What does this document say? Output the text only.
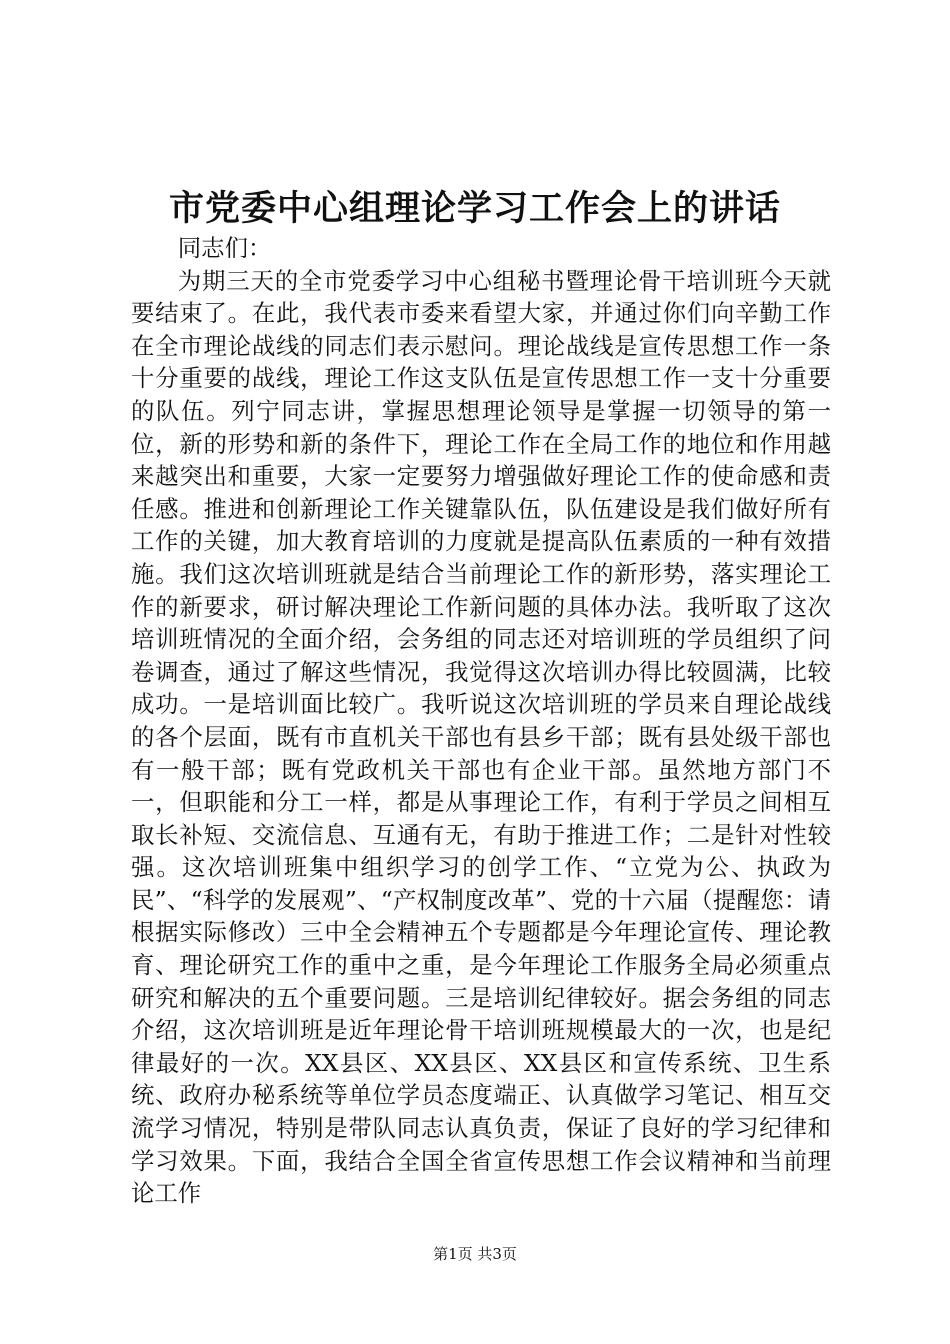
市党委中心组理论学习工作会上的讲话

同志们：

为期三天的全市党委学习中心组秘书暨理论骨干培训班今天就要结束了。在此，我代表市委来看望大家，并通过你们向辛勤工作在全市理论战线的同志们表示慰问。理论战线是宣传思想工作一条十分重要的战线，理论工作这支队伍是宣传思想工作一支十分重要的队伍。列宁同志讲，掌握思想理论领导是掌握一切领导的第一位，新的形势和新的条件下，理论工作在全局工作的地位和作用越来越突出和重要，大家一定要努力增强做好理论工作的使命感和责任感。推进和创新理论工作关键靠队伍，队伍建设是我们做好所有工作的关键，加大教育培训的力度就是提高队伍素质的一种有效措施。我们这次培训班就是结合当前理论工作的新形势，落实理论工作的新要求，研讨解决理论工作新问题的具体办法。我听取了这次培训班情况的全面介绍，会务组的同志还对培训班的学员组织了问卷调查，通过了解这些情况，我觉得这次培训办得比较圆满，比较成功。一是培训面比较广。我听说这次培训班的学员来自理论战线的各个层面，既有市直机关干部也有县乡干部；既有县处级干部也有一般干部；既有党政机关干部也有企业干部。虽然地方部门不一，但职能和分工一样，都是从事理论工作，有利于学员之间相互取长补短、交流信息、互通有无，有助于推进工作；二是针对性较强。这次培训班集中组织学习的创学工作、“立党为公、执政为民”、“科学的发展观”、“产权制度改革”、党的十六届（提醒您：请根据实际修改）三中全会精神五个专题都是今年理论宣传、理论教育、理论研究工作的重中之重，是今年理论工作服务全局必须重点研究和解决的五个重要问题。三是培训纪律较好。据会务组的同志介绍，这次培训班是近年理论骨干培训班规模最大的一次，也是纪律最好的一次。XX县区、XX县区、XX县区和宣传系统、卫生系统、政府办秘系统等单位学员态度端正、认真做学习笔记、相互交流学习情况，特别是带队同志认真负责，保证了良好的学习纪律和学习效果。下面，我结合全国全省宣传思想工作会议精神和当前理论工作

第1页 共3页
